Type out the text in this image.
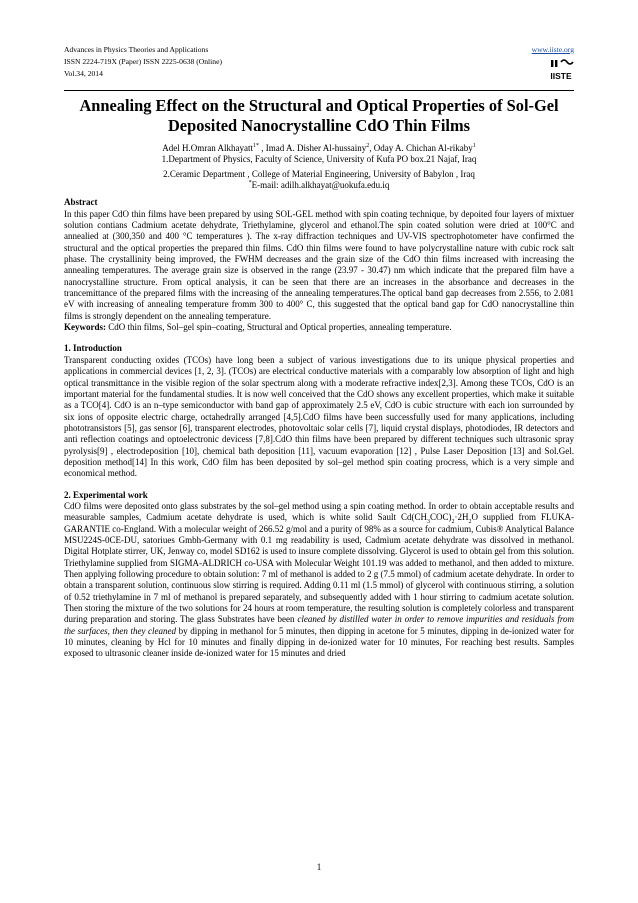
Advances in Physics Theories and Applications
ISSN 2224-719X (Paper) ISSN 2225-0638 (Online)
Vol.34, 2014
www.iiste.org
IISTE
Annealing Effect on the Structural and Optical Properties of Sol-Gel Deposited Nanocrystalline CdO Thin Films
Adel H.Omran Alkhayatt$^{1*}$ , Imad A. Disher Al-hussainy$^2$, Oday A. Chichan Al-rikaby$^1$
1.Department of Physics, Faculty of Science, University of Kufa PO box.21 Najaf, Iraq
2.Ceramic Department , College of Material Engineering, University of Babylon , Iraq
*E-mail: adilh.alkhayat@uokufa.edu.iq
Abstract

In this paper CdO thin films have been prepared by using SOL-GEL method with spin coating technique, by depoited four layers of mixtuer solution contians Cadmium acetate dehydrate, Triethylamine, glycerol and ethanol.The spin coated solution were dried at 100°C and annealied at (300,350 and 400 °C temperatures ). The x-ray diffraction techniques and UV-VIS spectrophotometer have confirmed the structural and the optical properties the prepared thin films. CdO thin films were found to have polycrystalline nature with cubic rock salt phase. The crystallinity being improved, the FWHM decreases and the grain size of the CdO thin films increased with increasing the annealing temperatures. The average grain size is observed in the range (23.97 - 30.47) nm which indicate that the prepared film have a nanocrystalline structure. From optical analysis, it can be seen that there are an increases in the absorbance and decreases in the trancemittance of the prepared films with the increasing of the annealing temperatures.The optical band gap decreases from 2.556, to 2.081 eV with increasing of annealing temperature fromm 300 to 400° C, this suggested that the optical band gap for CdO nanocrystalline thin films is strongly dependent on the annealing temperature.

Keywords: CdO thin films, Sol–gel spin–coating, Structural and Optical properties, annealing temperature.

1. Introduction

Transparent conducting oxides (TCOs) have long been a subject of various investigations due to its unique physical properties and applications in commercial devices [1, 2, 3]. (TCOs) are electrical conductive materials with a comparably low absorption of light and high optical transmittance in the visible region of the solar spectrum along with a moderate refractive index[2,3]. Among these TCOs, CdO is an important material for the fundamental studies. It is now well conceived that the CdO shows any excellent properties, which make it suitable as a TCO[4]. CdO is an n–type semiconductor with band gap of approximately 2.5 eV, CdO is cubic structure with each ion surrounded by six ions of opposite electric charge, octahedrally arranged [4,5].CdO films have been successfully used for many applications, including phototransistors [5], gas sensor [6], transparent electrodes, photovoltaic solar cells [7], liquid crystal displays, photodiodes, IR detectors and anti reflection coatings and optoelectronic devicess [7,8].CdO thin films have been prepared by different techniques such ultrasonic spray pyrolysis[9] , electrodeposition [10], chemical bath deposition [11], vacuum evaporation [12] , Pulse Laser Deposition [13] and Sol.Gel. deposition method[14] In this work, CdO film has been deposited by sol–gel method spin coating procress, which is a very simple and economical method.

2. Experimental work

CdO films were deposited onto glass substrates by the sol–gel method using a spin coating method. In order to obtain acceptable results and measurable samples, Cadmium acetate dehydrate is used, which is white solid Sault $Cd(CH_3COC)_2\cdot 2H_2O$ supplied from FLUKA-GARANTIE co-England. With a molecular weight of 266.52 g/mol and a purity of 98% as a source for cadmium, Cubis® Analytical Balance MSU224S-0CE-DU, satoriues Gmbh-Germany with 0.1 mg readability is used, Cadmium acetate dehydrate was dissolved in methanol. Digital Hotplate stirrer, UK, Jenway co, model SD162 is used to insure complete dissolving. Glycerol is used to obtain gel from this solution. Triethylamine supplied from SIGMA-ALDRICH co-USA with Molecular Weight 101.19 was added to methanol, and then added to mixture. Then applying following procedure to obtain solution: 7 ml of methanol is added to 2 g (7.5 mmol) of cadmium acetate dehydrate. In order to obtain a transparent solution, continuous slow stirring is required. Adding 0.11 ml (1.5 mmol) of glycerol with continuous stirring, a solution of 0.52 triethylamine in 7 ml of methanol is prepared separately, and subsequently added with 1 hour stirring to cadmium acetate solution. Then storing the mixture of the two solutions for 24 hours at room temperature, the resulting solution is completely colorless and transparent during preparation and storing. The glass Substrates have been cleaned by distilled water in order to remove impurities and residuals from the surfaces, then they cleaned by dipping in methanol for 5 minutes, then dipping in acetone for 5 minutes, dipping in de-ionized water for 10 minutes, cleaning by Hcl for 10 minutes and finally dipping in de-ionized water for 10 minutes, For reaching best results. Samples exposed to ultrasonic cleaner inside de-ionized water for 15 minutes and dried

1
